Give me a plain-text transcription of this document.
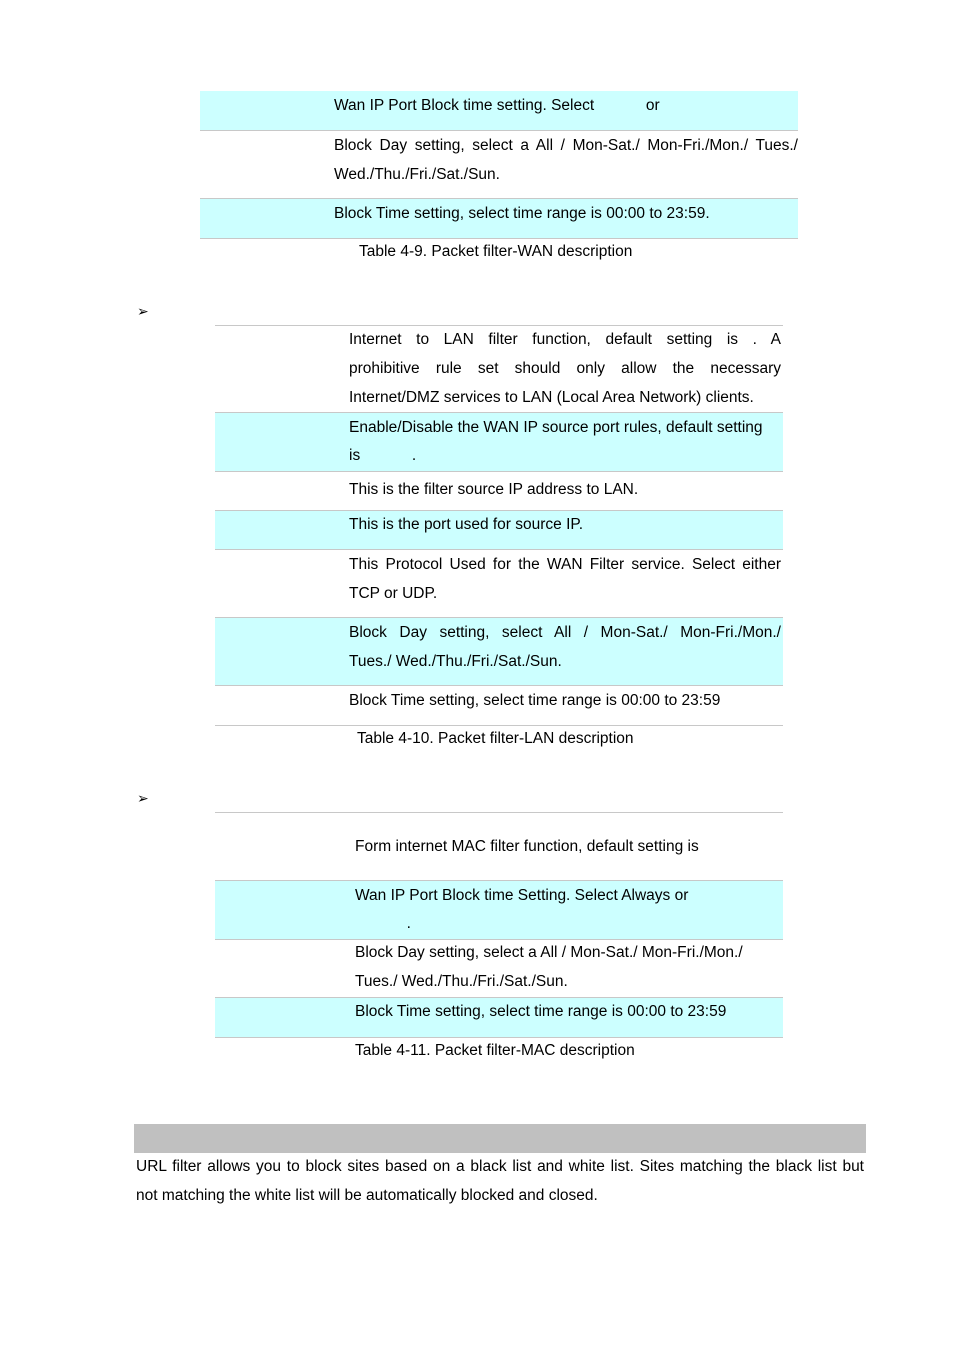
Wan IP Port Block time setting. Select            or
Block Day setting, select a All / Mon-Sat./ Mon-Fri./Mon./ Tues./
Wed./Thu./Fri./Sat./Sun.
Block Time setting, select time range is 00:00 to 23:59.
Table 4-9. Packet filter-WAN description
➢
Internet to LAN filter function, default setting is . A
prohibitive rule set should only allow the necessary
Internet/DMZ services to LAN (Local Area Network) clients.
Enable/Disable the WAN IP source port rules, default setting
is            .
This is the filter source IP address to LAN.
This is the port used for source IP.
This Protocol Used for the WAN Filter service. Select either
TCP or UDP.
Block Day setting, select All / Mon-Sat./ Mon-Fri./Mon./
Tues./ Wed./Thu./Fri./Sat./Sun.
Block Time setting, select time range is 00:00 to 23:59
Table 4-10. Packet filter-LAN description
➢
Form internet MAC filter function, default setting is
Wan IP Port Block time Setting. Select Always or
.
Block Day setting, select a All / Mon-Sat./ Mon-Fri./Mon./
Tues./ Wed./Thu./Fri./Sat./Sun.
Block Time setting, select time range is 00:00 to 23:59
Table 4-11. Packet filter-MAC description
URL filter allows you to block sites based on a black list and white list. Sites matching the black list but
not matching the white list will be automatically blocked and closed.
